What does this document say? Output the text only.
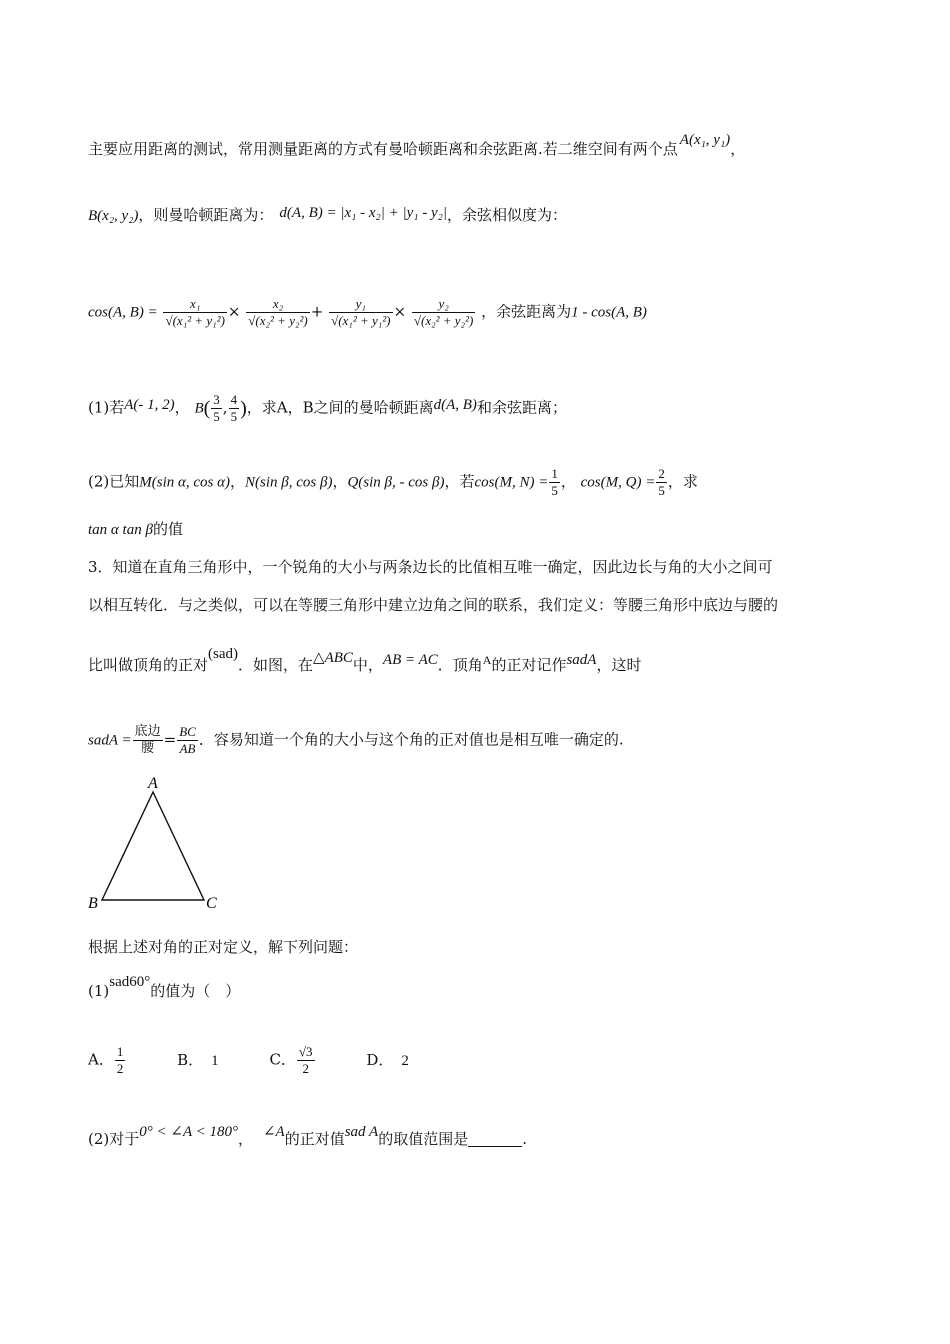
主要应用距离的测试，常用测量距离的方式有曼哈顿距离和余弦距离.若二维空间有两个点 A(x₁, y₁)，
B(x₂, y₂)，则曼哈顿距离为： d(A, B) = |x₁ - x₂| + |y₁ - y₂|，余弦相似度为：
cos(A, $B) = \frac{\text{x₁}}{\text{√(x₁² + y₁²)}} \times \frac{\text{x₂}}{\text{√(x₂² + y₂²)}} + \frac{\text{y₁}}{\text{√(x₁² + y₁²)}} \times \frac{\text{y₂}}{\text{√(x₂² + y₂²)}}$ ，余弦距离为1 - cos(A, B)
(1)若A(- 1, 2)， $B( \frac{3}{5}$ , $\frac{4}{5}$ )，求A，B之间的曼哈顿距离d(A, B)和余弦距离；
(2)已知M(sin α, cos α)，N(sin β, cos β)，Q(sin β, - cos β)，若cos(M, $N) = \frac{1}{5}$ ， cos(M, $Q) = \frac{2}{5}$ ，求
tan α tan β的值
3．知道在直角三角形中，一个锐角的大小与两条边长的比值相互唯一确定，因此边长与角的大小之间可
以相互转化．与之类似，可以在等腰三角形中建立边角之间的联系，我们定义：等腰三角形中底边与腰的
比叫做顶角的正对(sad)．如图，在△ABC中，AB = AC．顶角$^A$的正对记作sadA，这时
sadA = $\frac{\text{底边}}{\text{腰}} = \frac{BC}{AB}$ ．容易知道一个角的大小与这个角的正对值也是相互唯一确定的.
A
B	C
根据上述对角的正对定义，解下列问题：
(1)sad60°的值为（　）
A． $\frac{1}{2}$	B． 1	C． $\frac{√3}{2}$	D． 2
(2)对于0° < ∠A < 180°， ∠A的正对值sad A的取值范围是	.
